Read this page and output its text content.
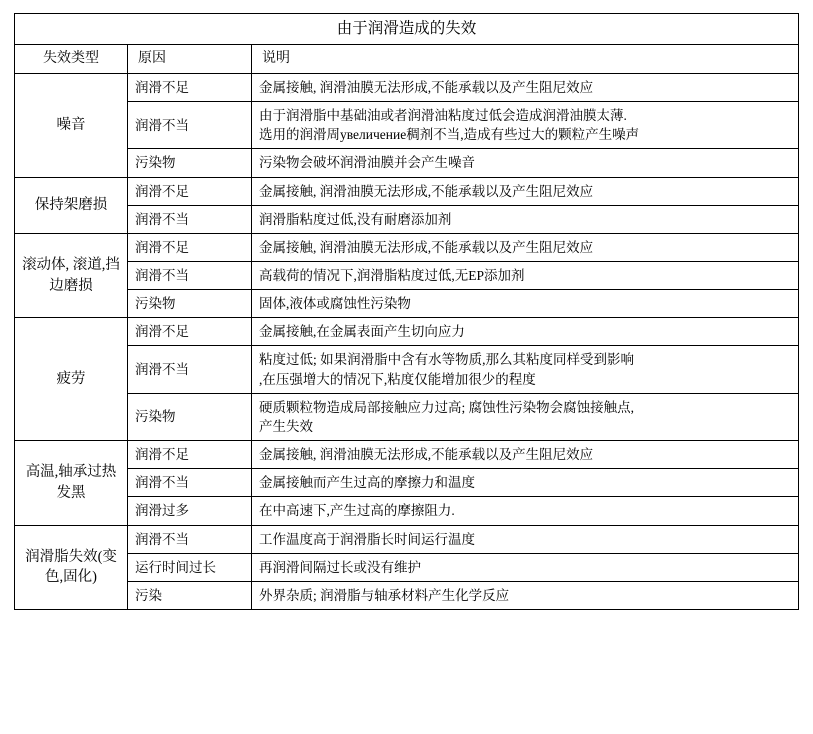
由于润滑造成的失效		
失效类型	原因	说明
噪音	润滑不足	金属接触, 润滑油膜无法形成,不能承载以及产生阻尼效应

	润滑不当	由于润滑脂中基础油或者润滑油粘度过低会造成润滑油膜太薄.
选用的润滑周увеличение稠剂不当,造成有些过大的颗粒产生噪声

	污染物	污染物会破坏润滑油膜并会产生噪音

保持架磨损	润滑不足	金属接触, 润滑油膜无法形成,不能承载以及产生阻尼效应

	润滑不当	润滑脂粘度过低,没有耐磨添加剂

滚动体, 滚道,挡边磨损	润滑不足	金属接触, 润滑油膜无法形成,不能承载以及产生阻尼效应

	润滑不当	高载荷的情况下,润滑脂粘度过低,无EP添加剂

	污染物	固体,液体或腐蚀性污染物

疲劳	润滑不足	金属接触,在金属表面产生切向应力

	润滑不当	粘度过低; 如果润滑脂中含有水等物质,那么其粘度同样受到影响
,在压强增大的情况下,粘度仅能增加很少的程度

	污染物	硬质颗粒物造成局部接触应力过高; 腐蚀性污染物会腐蚀接触点,
产生失效

高温,轴承过热发黑	润滑不足	金属接触, 润滑油膜无法形成,不能承载以及产生阻尼效应

	润滑不当	金属接触而产生过高的摩擦力和温度

	润滑过多	在中高速下,产生过高的摩擦阻力.

润滑脂失效(变色,固化)	润滑不当	工作温度高于润滑脂长时间运行温度

	运行时间过长	再润滑间隔过长或没有维护

	污染	外界杂质; 润滑脂与轴承材料产生化学反应
